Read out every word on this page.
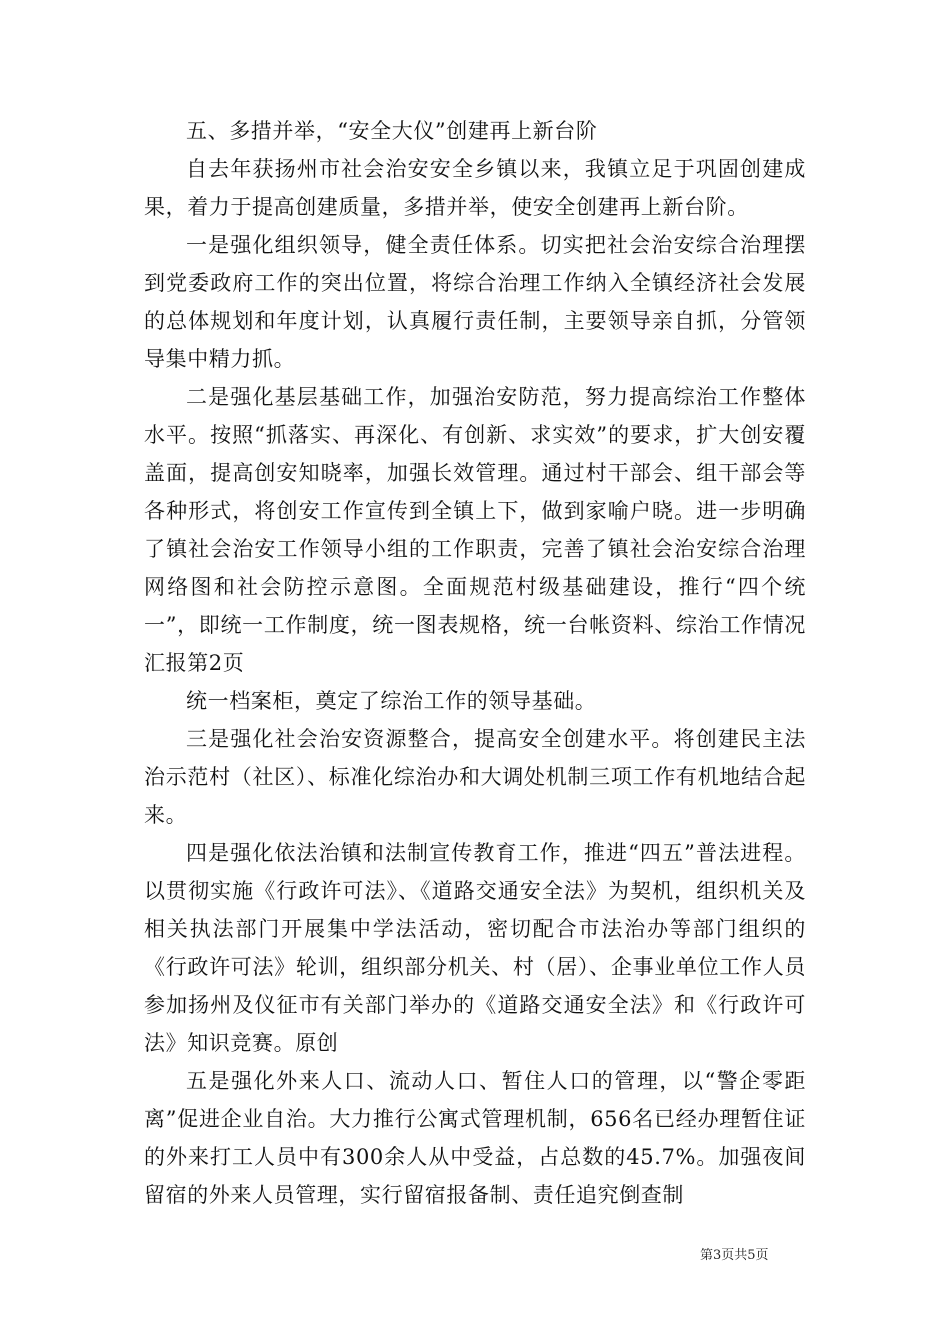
五、多措并举，“安全大仪”创建再上新台阶

自去年获扬州市社会治安安全乡镇以来，我镇立足于巩固创建成果，着力于提高创建质量，多措并举，使安全创建再上新台阶。

一是强化组织领导，健全责任体系。切实把社会治安综合治理摆到党委政府工作的突出位置，将综合治理工作纳入全镇经济社会发展的总体规划和年度计划，认真履行责任制，主要领导亲自抓，分管领导集中精力抓。

二是强化基层基础工作，加强治安防范，努力提高综治工作整体水平。按照“抓落实、再深化、有创新、求实效”的要求，扩大创安覆盖面，提高创安知晓率，加强长效管理。通过村干部会、组干部会等各种形式，将创安工作宣传到全镇上下，做到家喻户晓。进一步明确了镇社会治安工作领导小组的工作职责，完善了镇社会治安综合治理网络图和社会防控示意图。全面规范村级基础建设，推行“四个统一”，即统一工作制度，统一图表规格，统一台帐资料、综治工作情况汇报第2页

统一档案柜，奠定了综治工作的领导基础。

三是强化社会治安资源整合，提高安全创建水平。将创建民主法治示范村（社区）、标准化综治办和大调处机制三项工作有机地结合起来。

四是强化依法治镇和法制宣传教育工作，推进“四五”普法进程。以贯彻实施《行政许可法》、《道路交通安全法》为契机，组织机关及相关执法部门开展集中学法活动，密切配合市法治办等部门组织的《行政许可法》轮训，组织部分机关、村（居）、企事业单位工作人员参加扬州及仪征市有关部门举办的《道路交通安全法》和《行政许可法》知识竞赛。原创

五是强化外来人口、流动人口、暂住人口的管理，以“警企零距离”促进企业自治。大力推行公寓式管理机制，656名已经办理暂住证的外来打工人员中有300余人从中受益，占总数的45.7%。加强夜间留宿的外来人员管理，实行留宿报备制、责任追究倒查制

第3页共5页
